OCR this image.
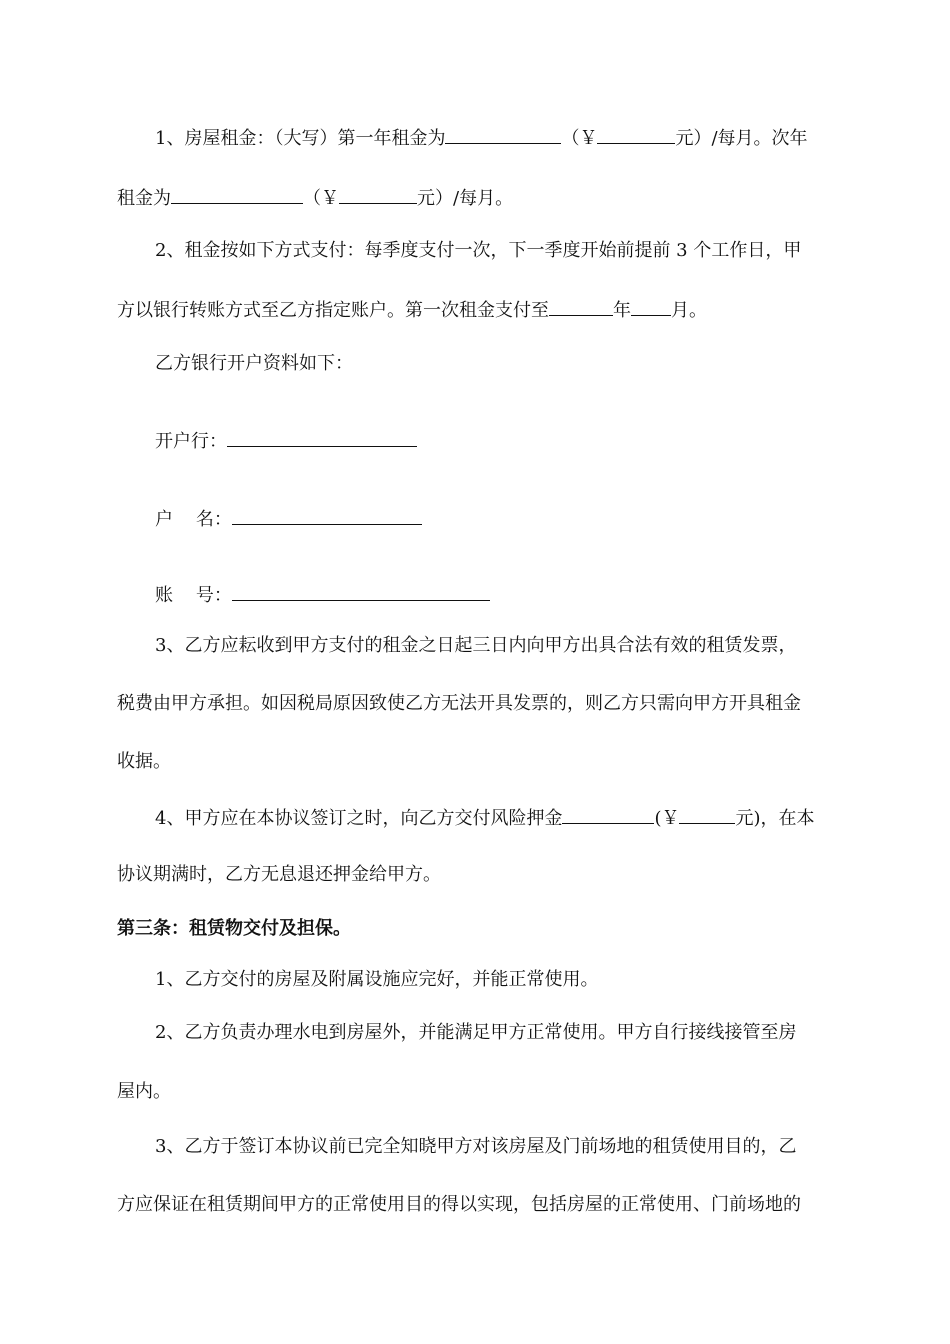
1、房屋租金：（大写）第一年租金为	（￥	元）/每月。次年
租金为	（￥	元）/每月。
2、租金按如下方式支付：每季度支付一次，下一季度开始前提前 3 个工作日，甲
方以银行转账方式至乙方指定账户。第一次租金支付至	年 月。
乙方银行开户资料如下：
开户行：
户    名：
账    号：
3、乙方应耘收到甲方支付的租金之日起三日内向甲方出具合法有效的租赁发票，
税费由甲方承担。如因税局原因致使乙方无法开具发票的，则乙方只需向甲方开具租金
收据。
4、甲方应在本协议签订之时，向乙方交付风险押金	(￥	元)，在本
协议期满时，乙方无息退还押金给甲方。
第三条：租赁物交付及担保。
1、乙方交付的房屋及附属设施应完好，并能正常使用。
2、乙方负责办理水电到房屋外，并能满足甲方正常使用。甲方自行接线接管至房
屋内。
3、乙方于签订本协议前已完全知晓甲方对该房屋及门前场地的租赁使用目的，乙
方应保证在租赁期间甲方的正常使用目的得以实现，包括房屋的正常使用、门前场地的
